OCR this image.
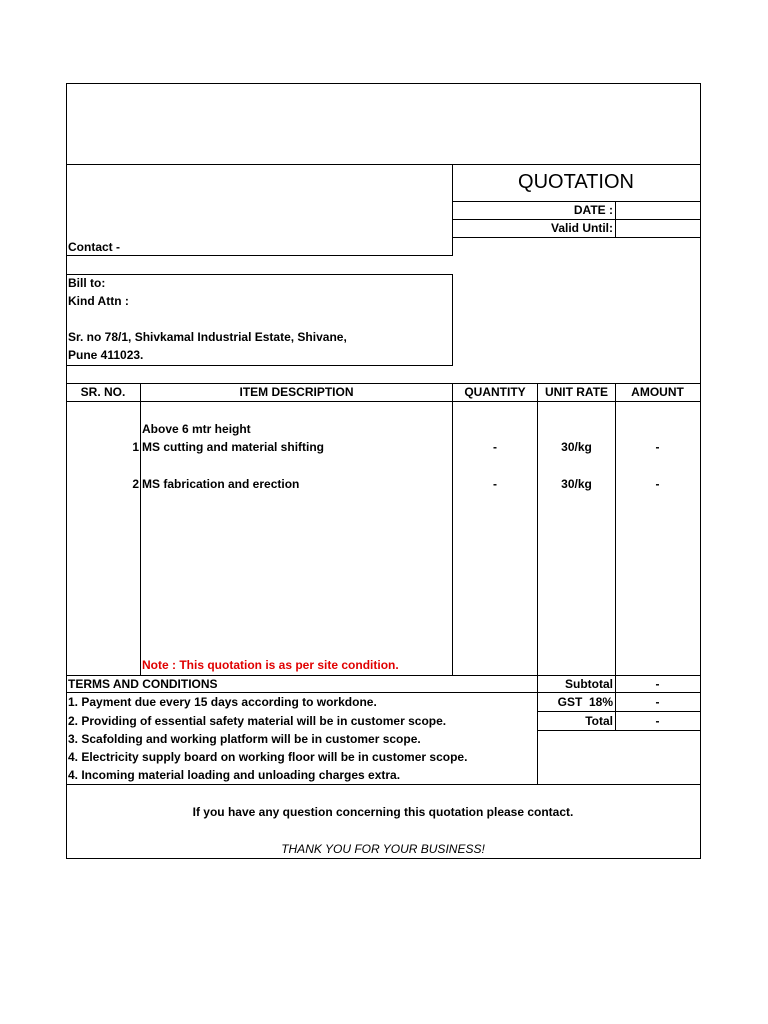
Contact -
QUOTATION
DATE :
Valid Until:
Bill to:
Kind Attn :
Sr. no 78/1, Shivkamal Industrial Estate, Shivane,
Pune 411023.
SR. NO.	ITEM DESCRIPTION	QUANTITY	UNIT RATE	AMOUNT
Above 6 mtr height
1 MS cutting and material shifting	-	30/kg	-
2 MS fabrication and erection	-	30/kg	-
Note : This quotation is as per site condition.
TERMS AND CONDITIONS
1. Payment due every 15 days according to workdone.
2. Providing of essential safety material will be in customer scope.
3. Scafolding and working platform will be in customer scope.
4. Electricity supply board on working floor will be in customer scope.
4. Incoming material loading and unloading charges extra.
Subtotal	-
GST  18%	-
Total	-
If you have any question concerning this quotation please contact.
THANK YOU FOR YOUR BUSINESS!
